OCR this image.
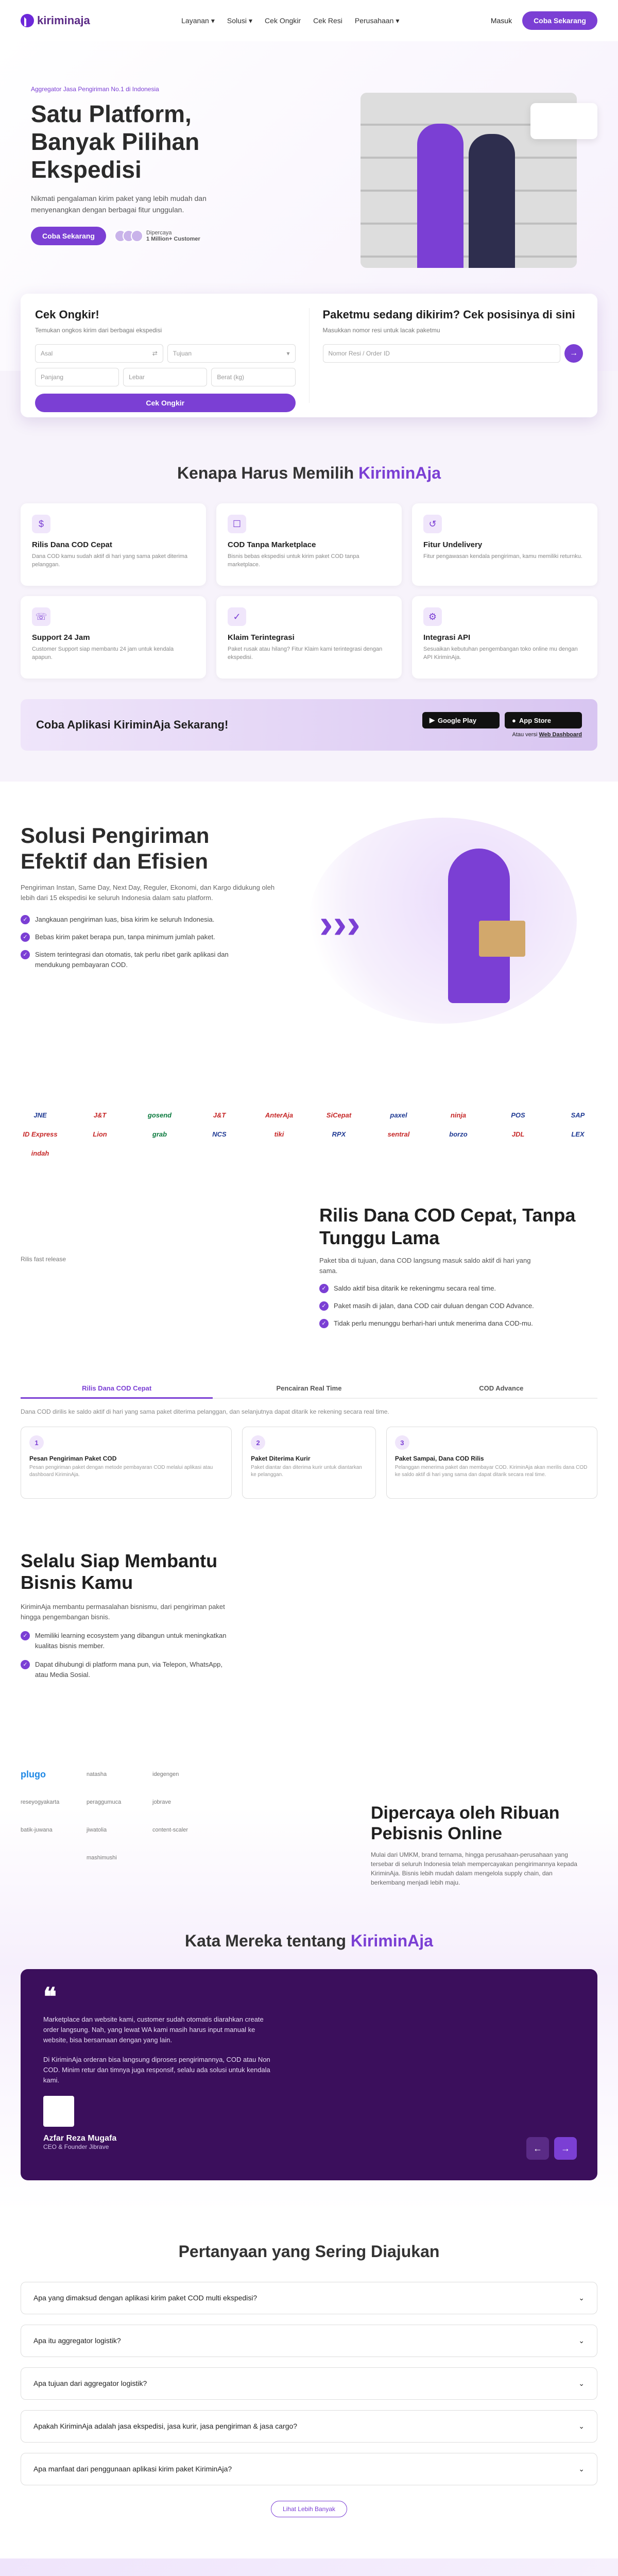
kiriminaja	Layanan ▾ Solusi ▾ Cek Ongkir Cek Resi Perusahaan ▾	Masuk	Coba Sekarang
Aggregator Jasa Pengiriman No.1 di Indonesia
Satu Platform, Banyak Pilihan Ekspedisi

Nikmati pengalaman kirim paket yang lebih mudah dan menyenangkan dengan berbagai fitur unggulan.

Coba Sekarang	Dipercaya
1 Million+ Customer
Cek Ongkir!

Temukan ongkos kirim dari berbagai ekspedisi

Asal	⇄	Tujuan	▾
Panjang	Lebar	Berat (kg)
Cek Ongkir
Paketmu sedang dikirim? Cek posisinya di sini

Masukkan nomor resi untuk lacak paketmu

Nomor Resi / Order ID	→
Kenapa Harus Memilih KiriminAja
$
Rilis Dana COD Cepat

Dana COD kamu sudah aktif di hari yang sama paket diterima pelanggan.

☐
COD Tanpa Marketplace

Bisnis bebas ekspedisi untuk kirim paket COD tanpa marketplace.

↺
Fitur Undelivery

Fitur pengawasan kendala pengiriman, kamu memiliki returnku.

☏
Support 24 Jam

Customer Support siap membantu 24 jam untuk kendala apapun.

✓
Klaim Terintegrasi

Paket rusak atau hilang? Fitur Klaim kami terintegrasi dengan ekspedisi.

⚙
Integrasi API

Sesuaikan kebutuhan pengembangan toko online mu dengan API KiriminAja.

Coba Aplikasi KiriminAja Sekarang!	▶ Google Play	● App Store
Atau versi Web Dashboard
Solusi Pengiriman Efektif dan Efisien

Pengiriman Instan, Same Day, Next Day, Reguler, Ekonomi, dan Kargo didukung oleh lebih dari 15 ekspedisi ke seluruh Indonesia dalam satu platform.

✓	Jangkauan pengiriman luas, bisa kirim ke seluruh Indonesia.
✓	Bebas kirim paket berapa pun, tanpa minimum jumlah paket.
✓	Sistem terintegrasi dan otomatis, tak perlu ribet garik aplikasi dan mendukung pembayaran COD.
›››
JNE	J&T	gosend	J&T	AnterAja	SiCepat	paxel	ninja	POS	SAP
ID Express	Lion	grab	NCS	tiki	RPX	sentral	borzo	JDL	LEX
indah
Rilis fast release
Rilis Dana COD Cepat, Tanpa Tunggu Lama

Paket tiba di tujuan, dana COD langsung masuk saldo aktif di hari yang sama.

✓	Saldo aktif bisa ditarik ke rekeningmu secara real time.
✓	Paket masih di jalan, dana COD cair duluan dengan COD Advance.
✓	Tidak perlu menunggu berhari-hari untuk menerima dana COD-mu.
Rilis Dana COD Cepat	Pencairan Real Time	COD Advance
Dana COD dirilis ke saldo aktif di hari yang sama paket diterima pelanggan, dan selanjutnya dapat ditarik ke rekening secara real time.
1
Pesan Pengiriman Paket COD

Pesan pengiriman paket dengan metode pembayaran COD melalui aplikasi atau dashboard KiriminAja.

2
Paket Diterima Kurir

Paket diantar dan diterima kurir untuk diantarkan ke pelanggan.

3
Paket Sampai, Dana COD Rilis

Pelanggan menerima paket dan membayar COD. KiriminAja akan merilis dana COD ke saldo aktif di hari yang sama dan dapat ditarik secara real time.

Selalu Siap Membantu Bisnis Kamu

KiriminAja membantu permasalahan bisnismu, dari pengiriman paket hingga pengembangan bisnis.

✓	Memiliki learning ecosystem yang dibangun untuk meningkatkan kualitas bisnis member.
✓	Dapat dihubungi di platform mana pun, via Telepon, WhatsApp, atau Media Sosial.
plugo	natasha	idegengen
reseyogyakarta	peraggumuca	jobrave
batik-juwana	jiwatolia	content-scaler
mashimushi
Dipercaya oleh Ribuan Pebisnis Online

Mulai dari UMKM, brand ternama, hingga perusahaan-perusahaan yang tersebar di seluruh Indonesia telah mempercayakan pengirimannya kepada KiriminAja. Bisnis lebih mudah dalam mengelola supply chain, dan berkembang menjadi lebih maju.

Kata Mereka tentang KiriminAja
❝

Marketplace dan website kami, customer sudah otomatis diarahkan create order langsung. Nah, yang lewat WA kami masih harus input manual ke website, bisa bersamaan dengan yang lain.

Di KiriminAja orderan bisa langsung diproses pengirimannya, COD atau Non COD. Minim retur dan timnya juga responsif, selalu ada solusi untuk kendala kami.

Azfar Reza Mugafa
CEO & Founder Jibrave	←	→
Pertanyaan yang Sering Diajukan
Apa yang dimaksud dengan aplikasi kirim paket COD multi ekspedisi?	⌄
Apa itu aggregator logistik?	⌄
Apa tujuan dari aggregator logistik?	⌄
Apakah KiriminAja adalah jasa ekspedisi, jasa kurir, jasa pengiriman & jasa cargo?	⌄
Apa manfaat dari penggunaan aplikasi kirim paket KiriminAja?	⌄
Lihat Lebih Banyak
